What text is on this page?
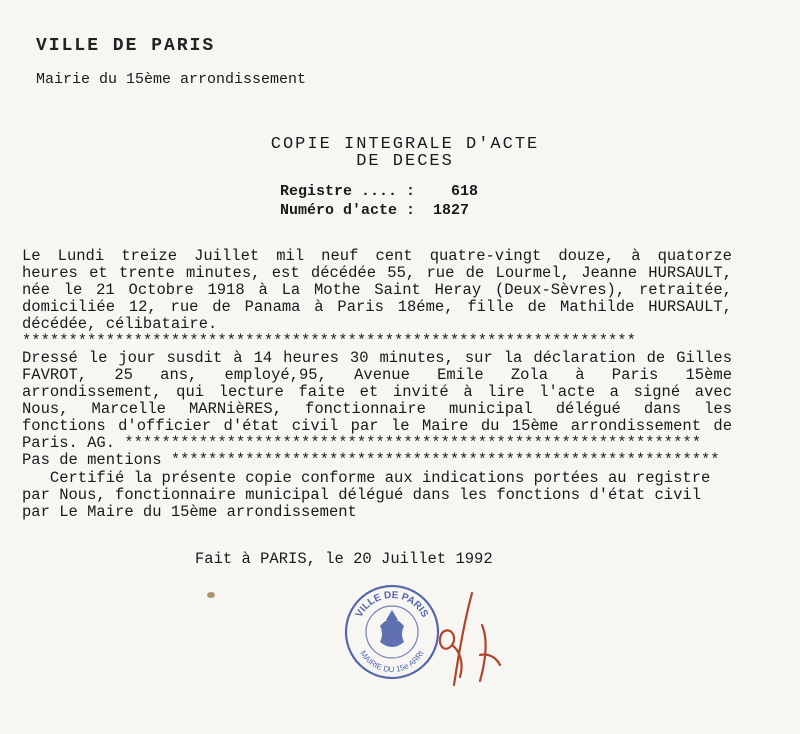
VILLE DE PARIS
Mairie du 15ème arrondissement
COPIE INTEGRALE D'ACTE
DE DECES
Registre .... :    618
Numéro d'acte :  1827
Le Lundi treize Juillet mil neuf cent quatre-vingt douze, à quatorze
heures et trente minutes, est décédée 55, rue de Lourmel, Jeanne HURSAULT,
née le 21 Octobre 1918 à La Mothe Saint Heray (Deux-Sèvres), retraitée,
domiciliée 12, rue de Panama à Paris 18éme, fille de Mathilde HURSAULT,
décédée, célibataire.
******************************************************************
Dressé le jour susdit à 14 heures 30 minutes, sur la déclaration de Gilles
FAVROT, 25 ans, employé,95, Avenue Emile Zola à Paris 15ème
arrondissement, qui lecture faite et invité à lire l'acte a signé avec
Nous, Marcelle MARNièRES, fonctionnaire municipal délégué dans les
fonctions d'officier d'état civil par le Maire du 15ème arrondissement de
Paris. AG. **************************************************************
Pas de mentions ***********************************************************
Certifié la présente copie conforme aux indications portées au registre
par Nous, fonctionnaire municipal délégué dans les fonctions d'état civil
par Le Maire du 15ème arrondissement
Fait à PARIS, le 20 Juillet 1992
VILLE DE PARIS
MAIRIE DU 15e ARRt
